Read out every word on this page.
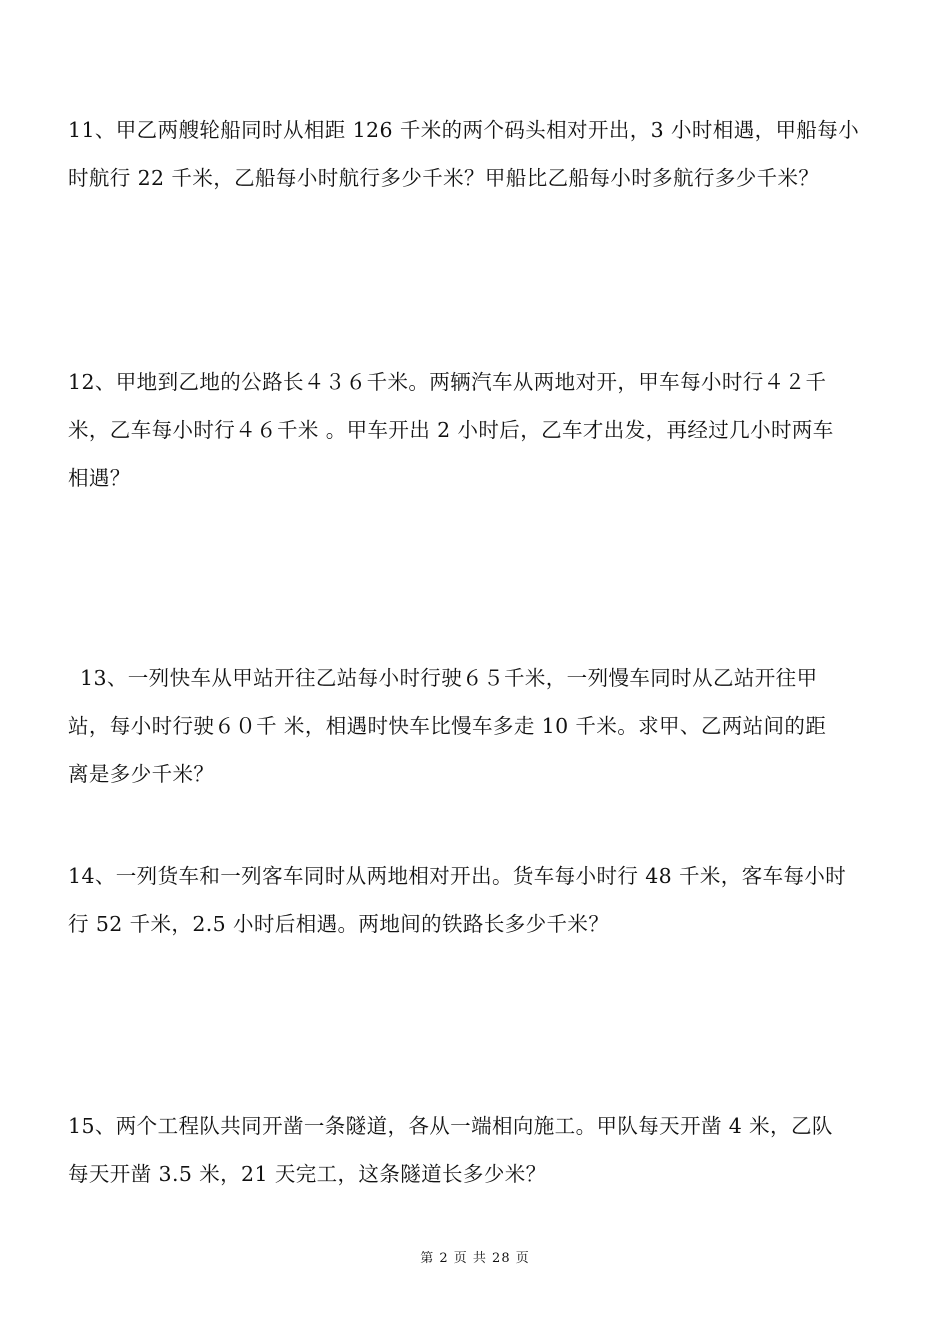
11、甲乙两艘轮船同时从相距 126 千米的两个码头相对开出，3 小时相遇，甲船每小
时航行 22 千米，乙船每小时航行多少千米？甲船比乙船每小时多航行多少千米？
12、甲地到乙地的公路长４３６千米。两辆汽车从两地对开，甲车每小时行４２千
米，乙车每小时行４６千米 。甲车开出 2 小时后，乙车才出发，再经过几小时两车
相遇？
13、一列快车从甲站开往乙站每小时行驶６５千米，一列慢车同时从乙站开往甲
站，每小时行驶６０千 米，相遇时快车比慢车多走 10 千米。求甲、乙两站间的距
离是多少千米？
14、一列货车和一列客车同时从两地相对开出。货车每小时行 48 千米，客车每小时
行 52 千米，2.5 小时后相遇。两地间的铁路长多少千米？
15、两个工程队共同开凿一条隧道，各从一端相向施工。甲队每天开凿 4 米，乙队
每天开凿 3.5 米，21 天完工，这条隧道长多少米？
第 2 页 共 28 页
